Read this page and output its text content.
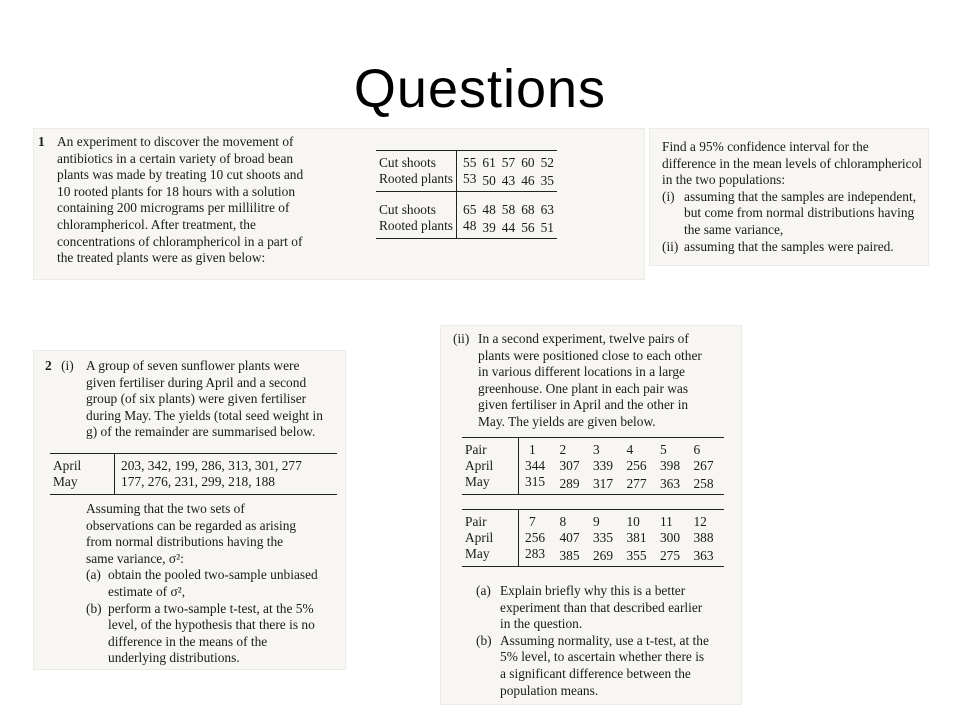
Questions
1 An experiment to discover the movement of
antibiotics in a certain variety of broad bean
plants was made by treating 10 cut shoots and
10 rooted plants for 18 hours with a solution
containing 200 micrograms per millilitre of
chloramphericol. After treatment, the
concentrations of chloramphericol in a part of
the treated plants were as given below:
Cut shoots	55	61	57	60	52
Rooted plants	53	50	43	46	35
Cut shoots	65	48	58	68	63
Rooted plants	48	39	44	56	51
Find a 95% confidence interval for the
difference in the mean levels of chloramphericol
in the two populations:
(i) assuming that the samples are independent,
but come from normal distributions having
the same variance,
(ii) assuming that the samples were paired.
2 (i) A group of seven sunflower plants were
given fertiliser during April and a second
group (of six plants) were given fertiliser
during May. The yields (total seed weight in
g) of the remainder are summarised below.
April	203, 342, 199, 286, 313, 301, 277
May	177, 276, 231, 299, 218, 188
Assuming that the two sets of
observations can be regarded as arising
from normal distributions having the
same variance, σ²:
(a) obtain the pooled two-sample unbiased
estimate of σ²,
(b) perform a two-sample t-test, at the 5%
level, of the hypothesis that there is no
difference in the means of the
underlying distributions.
(ii) In a second experiment, twelve pairs of
plants were positioned close to each other
in various different locations in a large
greenhouse. One plant in each pair was
given fertiliser in April and the other in
May. The yields are given below.
Pair	1	2	3	4	5	6
April	344	307	339	256	398	267
May	315	289	317	277	363	258
Pair	7	8	9	10	11	12
April	256	407	335	381	300	388
May	283	385	269	355	275	363
(a) Explain briefly why this is a better
experiment than that described earlier
in the question.
(b) Assuming normality, use a t-test, at the
5% level, to ascertain whether there is
a significant difference between the
population means.
